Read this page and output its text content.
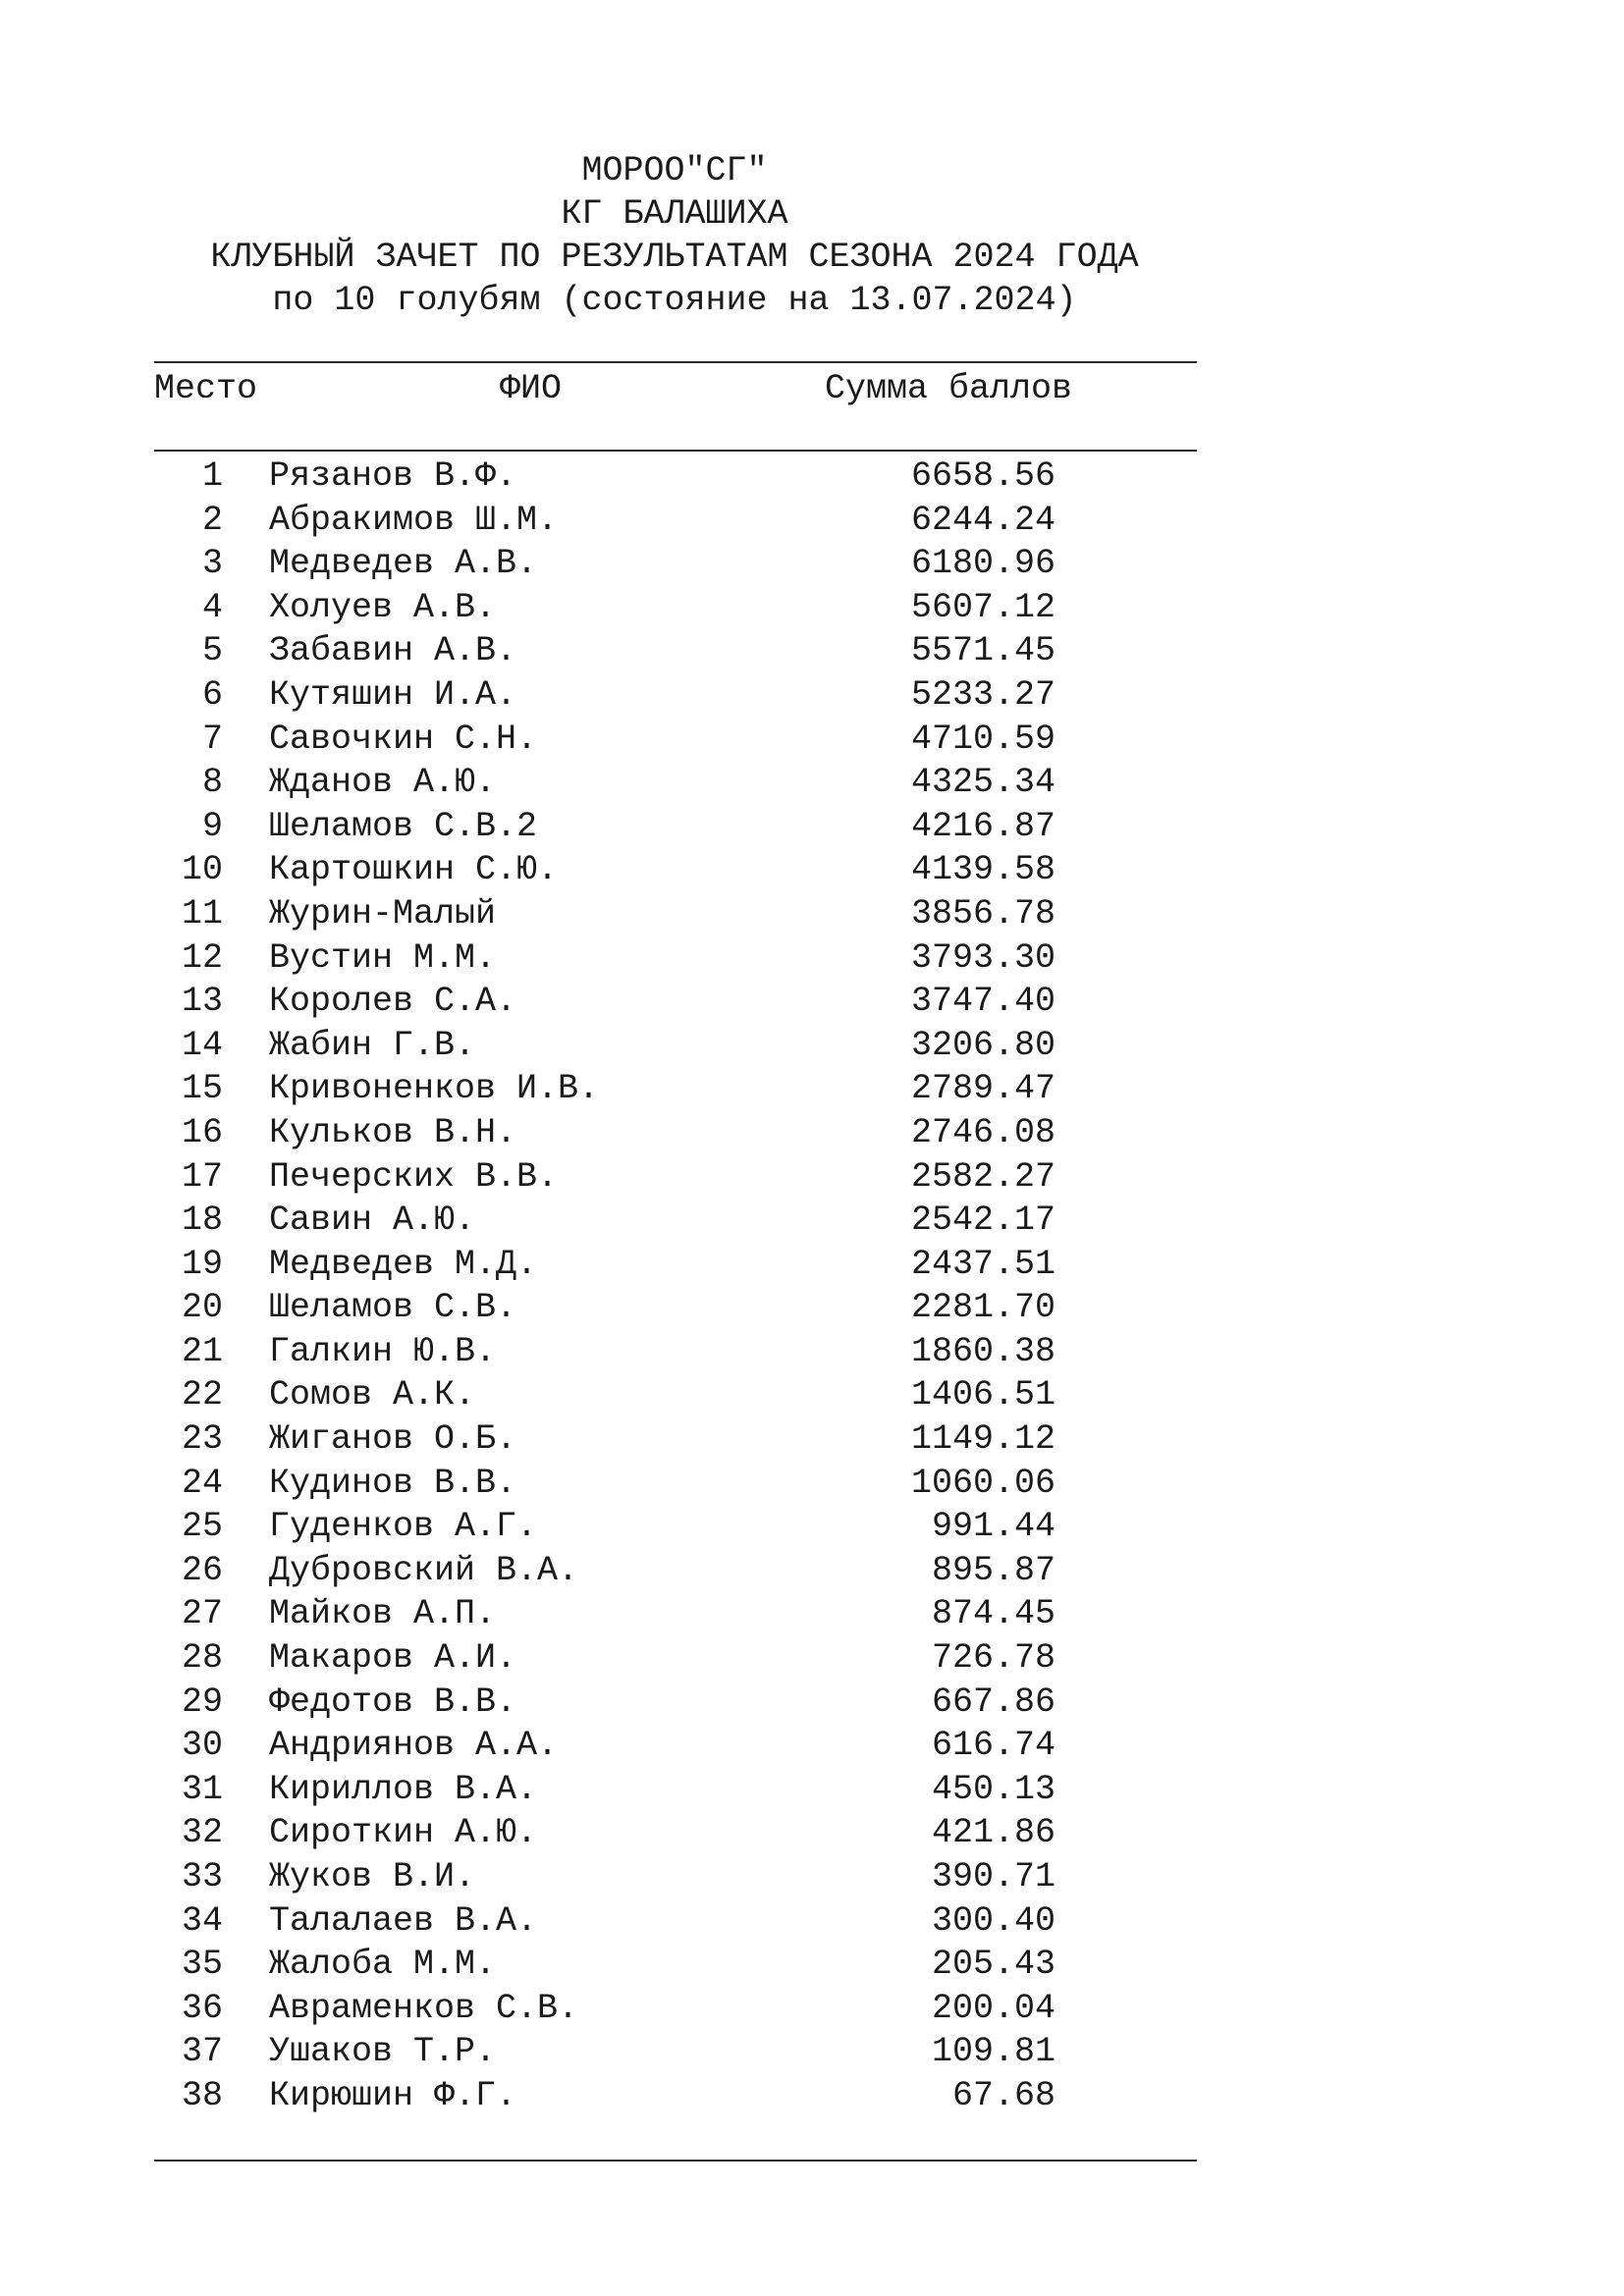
МОРОО"СГ"
КГ БАЛАШИХА
КЛУБНЫЙ ЗАЧЕТ ПО РЕЗУЛЬТАТАМ СЕЗОНА 2024 ГОДА
по 10 голубям (состояние на 13.07.2024)
Место	ФИО	Сумма баллов
1 Рязанов В.Ф.	6658.56
2 Абракимов Ш.М.	6244.24
3 Медведев А.В.	6180.96
4 Холуев А.В.	5607.12
5 Забавин А.В.	5571.45
6 Кутяшин И.А.	5233.27
7 Савочкин С.Н.	4710.59
8 Жданов А.Ю.	4325.34
9 Шеламов С.В.2	4216.87
10 Картошкин С.Ю.	4139.58
11 Журин-Малый	3856.78
12 Вустин М.М.	3793.30
13 Королев С.А.	3747.40
14 Жабин Г.В.	3206.80
15 Кривоненков И.В.	2789.47
16 Кульков В.Н.	2746.08
17 Печерских В.В.	2582.27
18 Савин А.Ю.	2542.17
19 Медведев М.Д.	2437.51
20 Шеламов С.В.	2281.70
21 Галкин Ю.В.	1860.38
22 Сомов А.К.	1406.51
23 Жиганов О.Б.	1149.12
24 Кудинов В.В.	1060.06
25 Гуденков А.Г.	991.44
26 Дубровский В.А.	895.87
27 Майков А.П.	874.45
28 Макаров А.И.	726.78
29 Федотов В.В.	667.86
30 Андриянов А.А.	616.74
31 Кириллов В.А.	450.13
32 Сироткин А.Ю.	421.86
33 Жуков В.И.	390.71
34 Талалаев В.А.	300.40
35 Жалоба М.М.	205.43
36 Авраменков С.В.	200.04
37 Ушаков Т.Р.	109.81
38 Кирюшин Ф.Г.	67.68
